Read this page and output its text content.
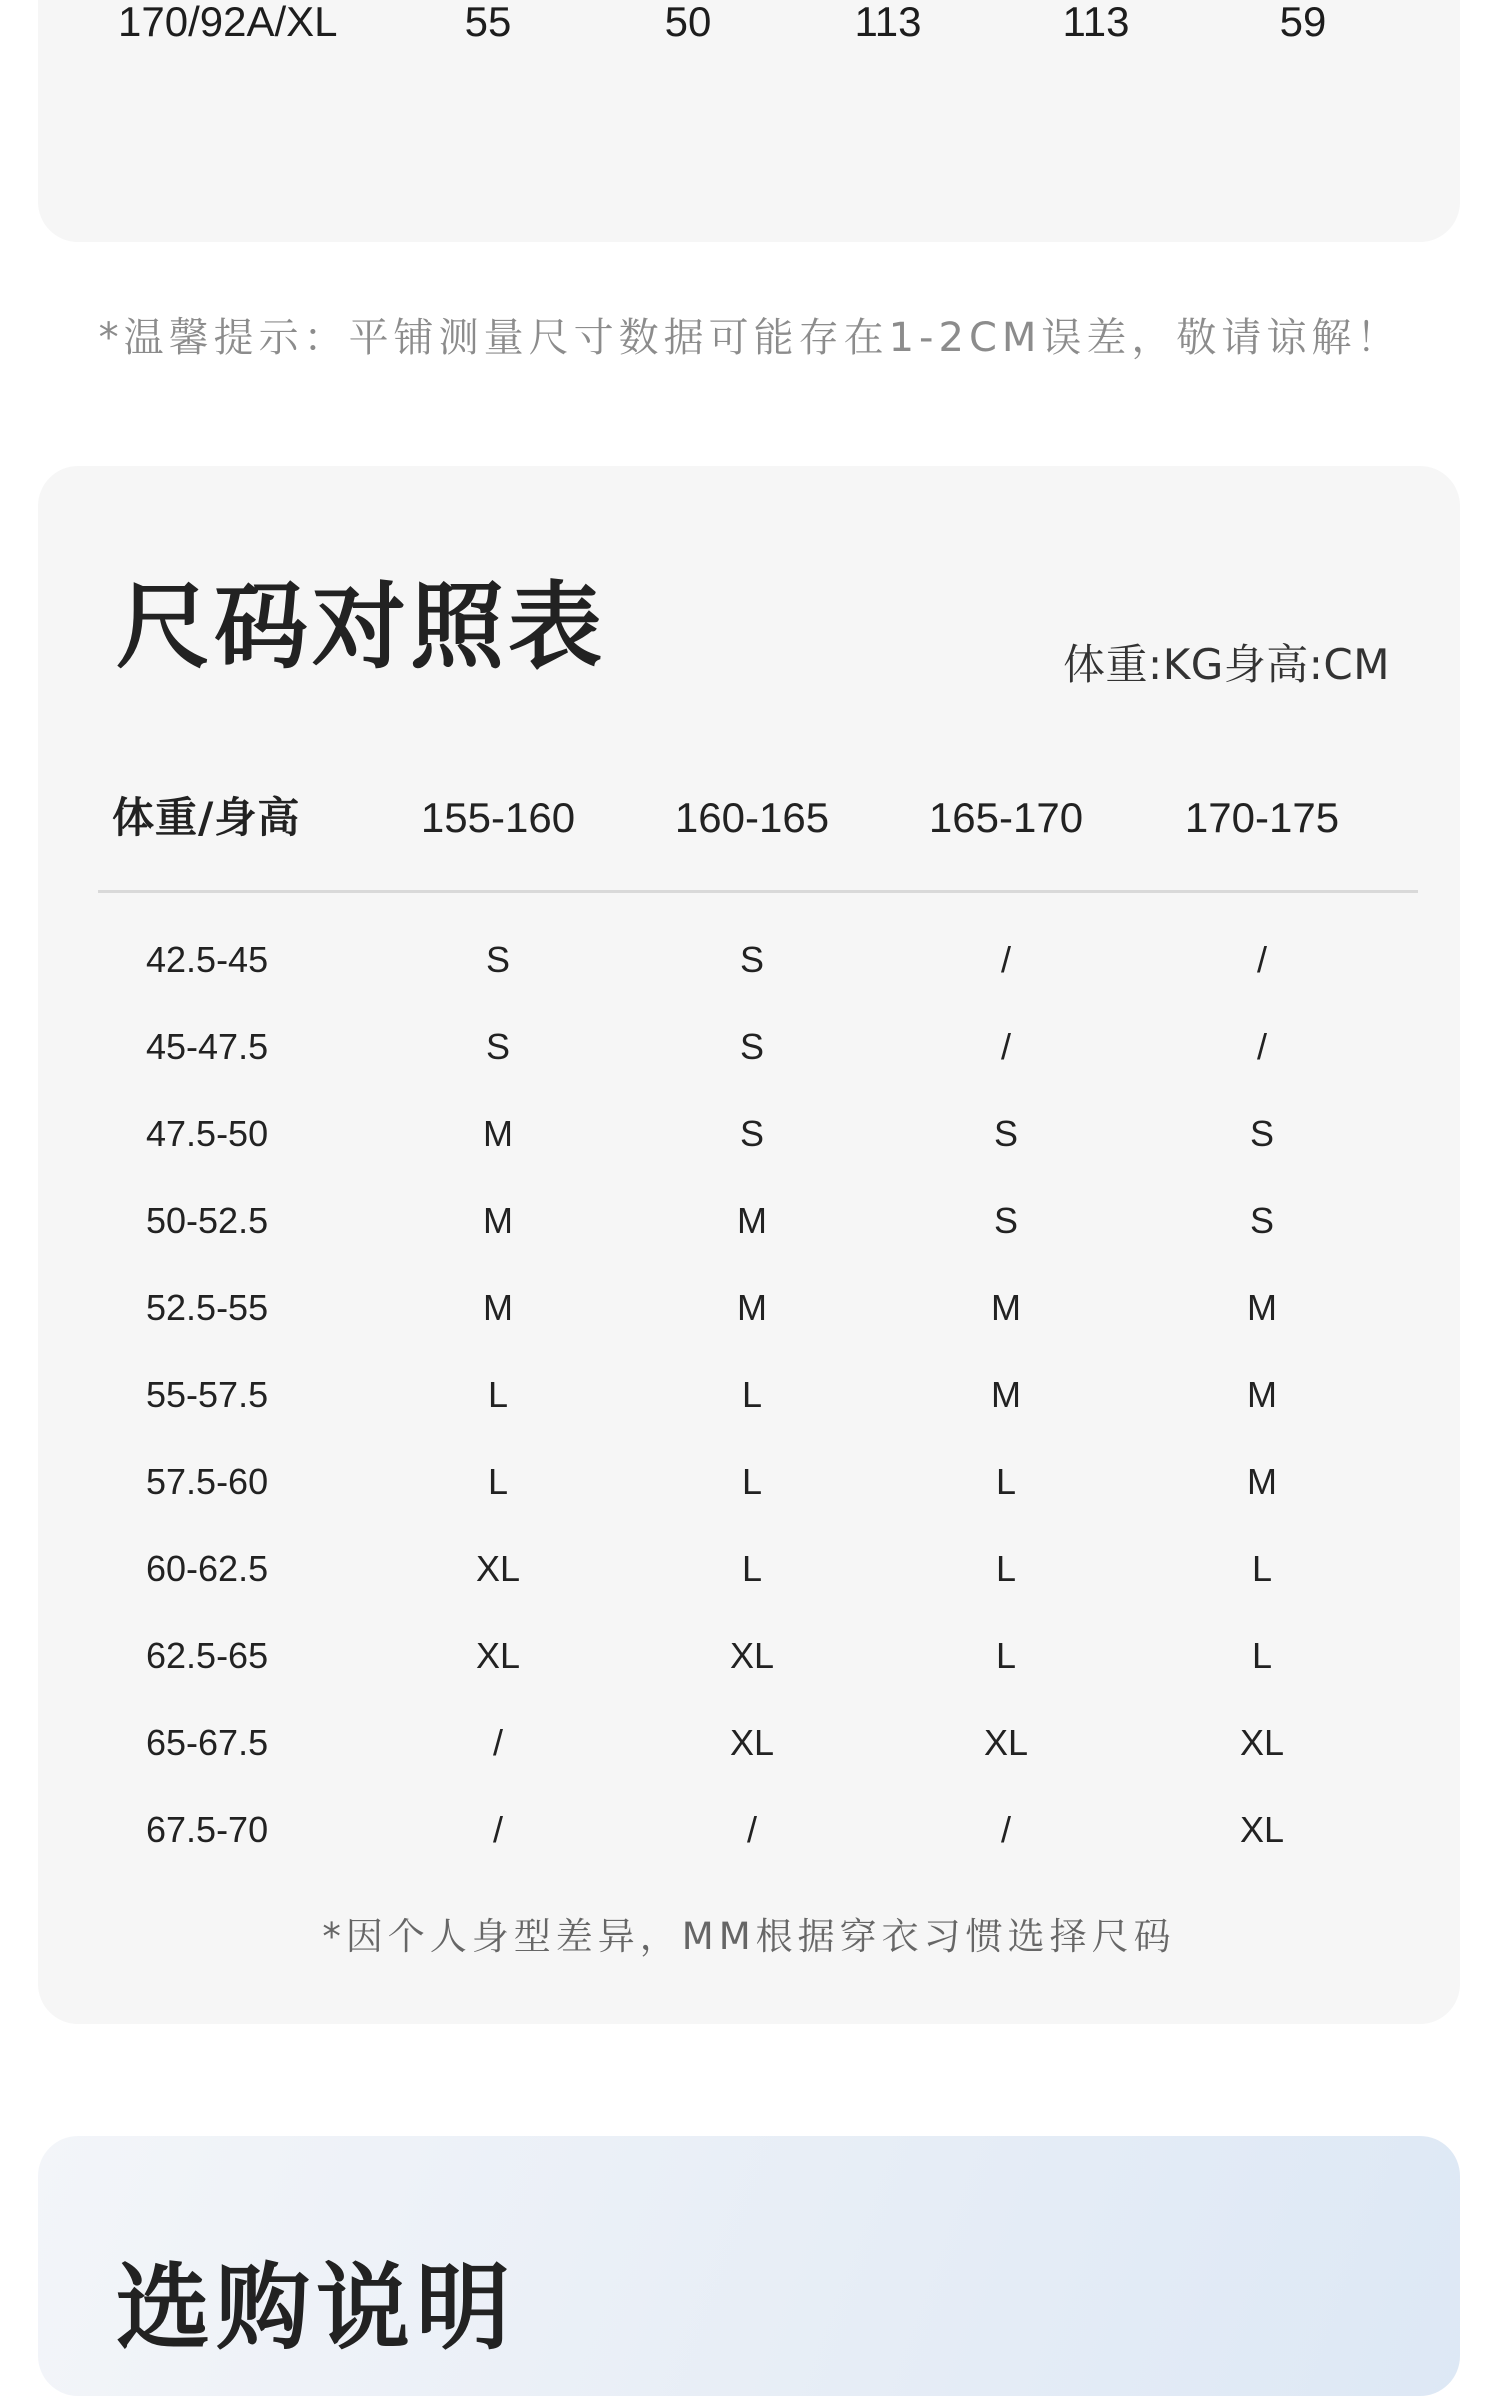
170/92A/XL	55	50	113	113	59
*温馨提示：平铺测量尺寸数据可能存在1-2CM误差，敬请谅解！
尺码对照表	体重:KG身高:CM
体重/身高	155-160	160-165	165-170	170-175
42.5-45	S	S	/	/
45-47.5	S	S	/	/
47.5-50	M	S	S	S
50-52.5	M	M	S	S
52.5-55	M	M	M	M
55-57.5	L	L	M	M
57.5-60	L	L	L	M
60-62.5	XL	L	L	L
62.5-65	XL	XL	L	L
65-67.5	/	XL	XL	XL
67.5-70	/	/	/	XL
*因个人身型差异，MM根据穿衣习惯选择尺码
选购说明
